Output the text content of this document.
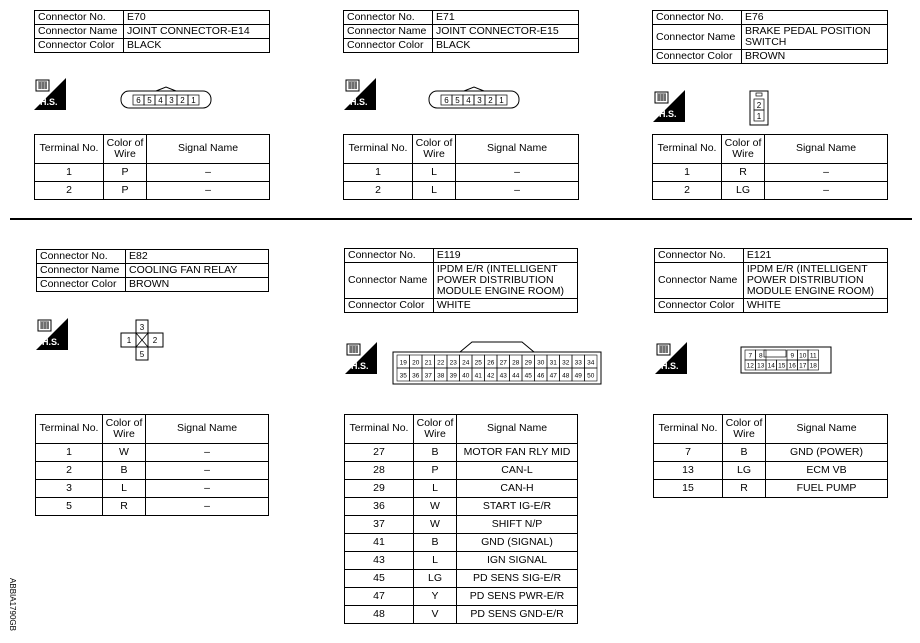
Connector No.	E70
Connector Name	JOINT CONNECTOR-E14
Connector Color	BLACK
H.S.	6 5 4 3 2 1
Terminal No.	Color of Wire	Signal Name
1	P	–
2	P	–
Connector No.	E71
Connector Name	JOINT CONNECTOR-E15
Connector Color	BLACK
H.S.	6 5 4 3 2 1
Terminal No.	Color of Wire	Signal Name
1	L	–
2	L	–
Connector No.	E76
Connector Name	BRAKE PEDAL POSITION SWITCH
Connector Color	BROWN
H.S.
2
1
Terminal No.	Color of Wire	Signal Name
1	R	–
2	LG	–
Connector No.	E82
Connector Name	COOLING FAN RELAY
Connector Color	BROWN
H.S.
3
1	2
5
Terminal No.	Color of Wire	Signal Name
1	W	–
2	B	–
3	L	–
5	R	–
Connector No.	E119
Connector Name	IPDM E/R (INTELLIGENT POWER DISTRIBUTION MODULE ENGINE ROOM)
Connector Color	WHITE
H.S.	19 20 21 22 23 24 25 26 27 28 29 30 31 32 33 34
35 36 37 38 39 40 41 42 43 44 45 46 47 48 49 50
Terminal No.	Color of Wire	Signal Name
27	B	MOTOR FAN RLY MID
28	P	CAN-L
29	L	CAN-H
36	W	START IG-E/R
37	W	SHIFT N/P
41	B	GND (SIGNAL)
43	L	IGN SIGNAL
45	LG	PD SENS SIG-E/R
47	Y	PD SENS PWR-E/R
48	V	PD SENS GND-E/R
Connector No.	E121
Connector Name	IPDM E/R (INTELLIGENT POWER DISTRIBUTION MODULE ENGINE ROOM)
Connector Color	WHITE
H.S.
7 8	9 10 11
12 13 14 15 16 17 18
Terminal No.	Color of Wire	Signal Name
7	B	GND (POWER)
13	LG	ECM VB
15	R	FUEL PUMP
ABBIA1790GB
